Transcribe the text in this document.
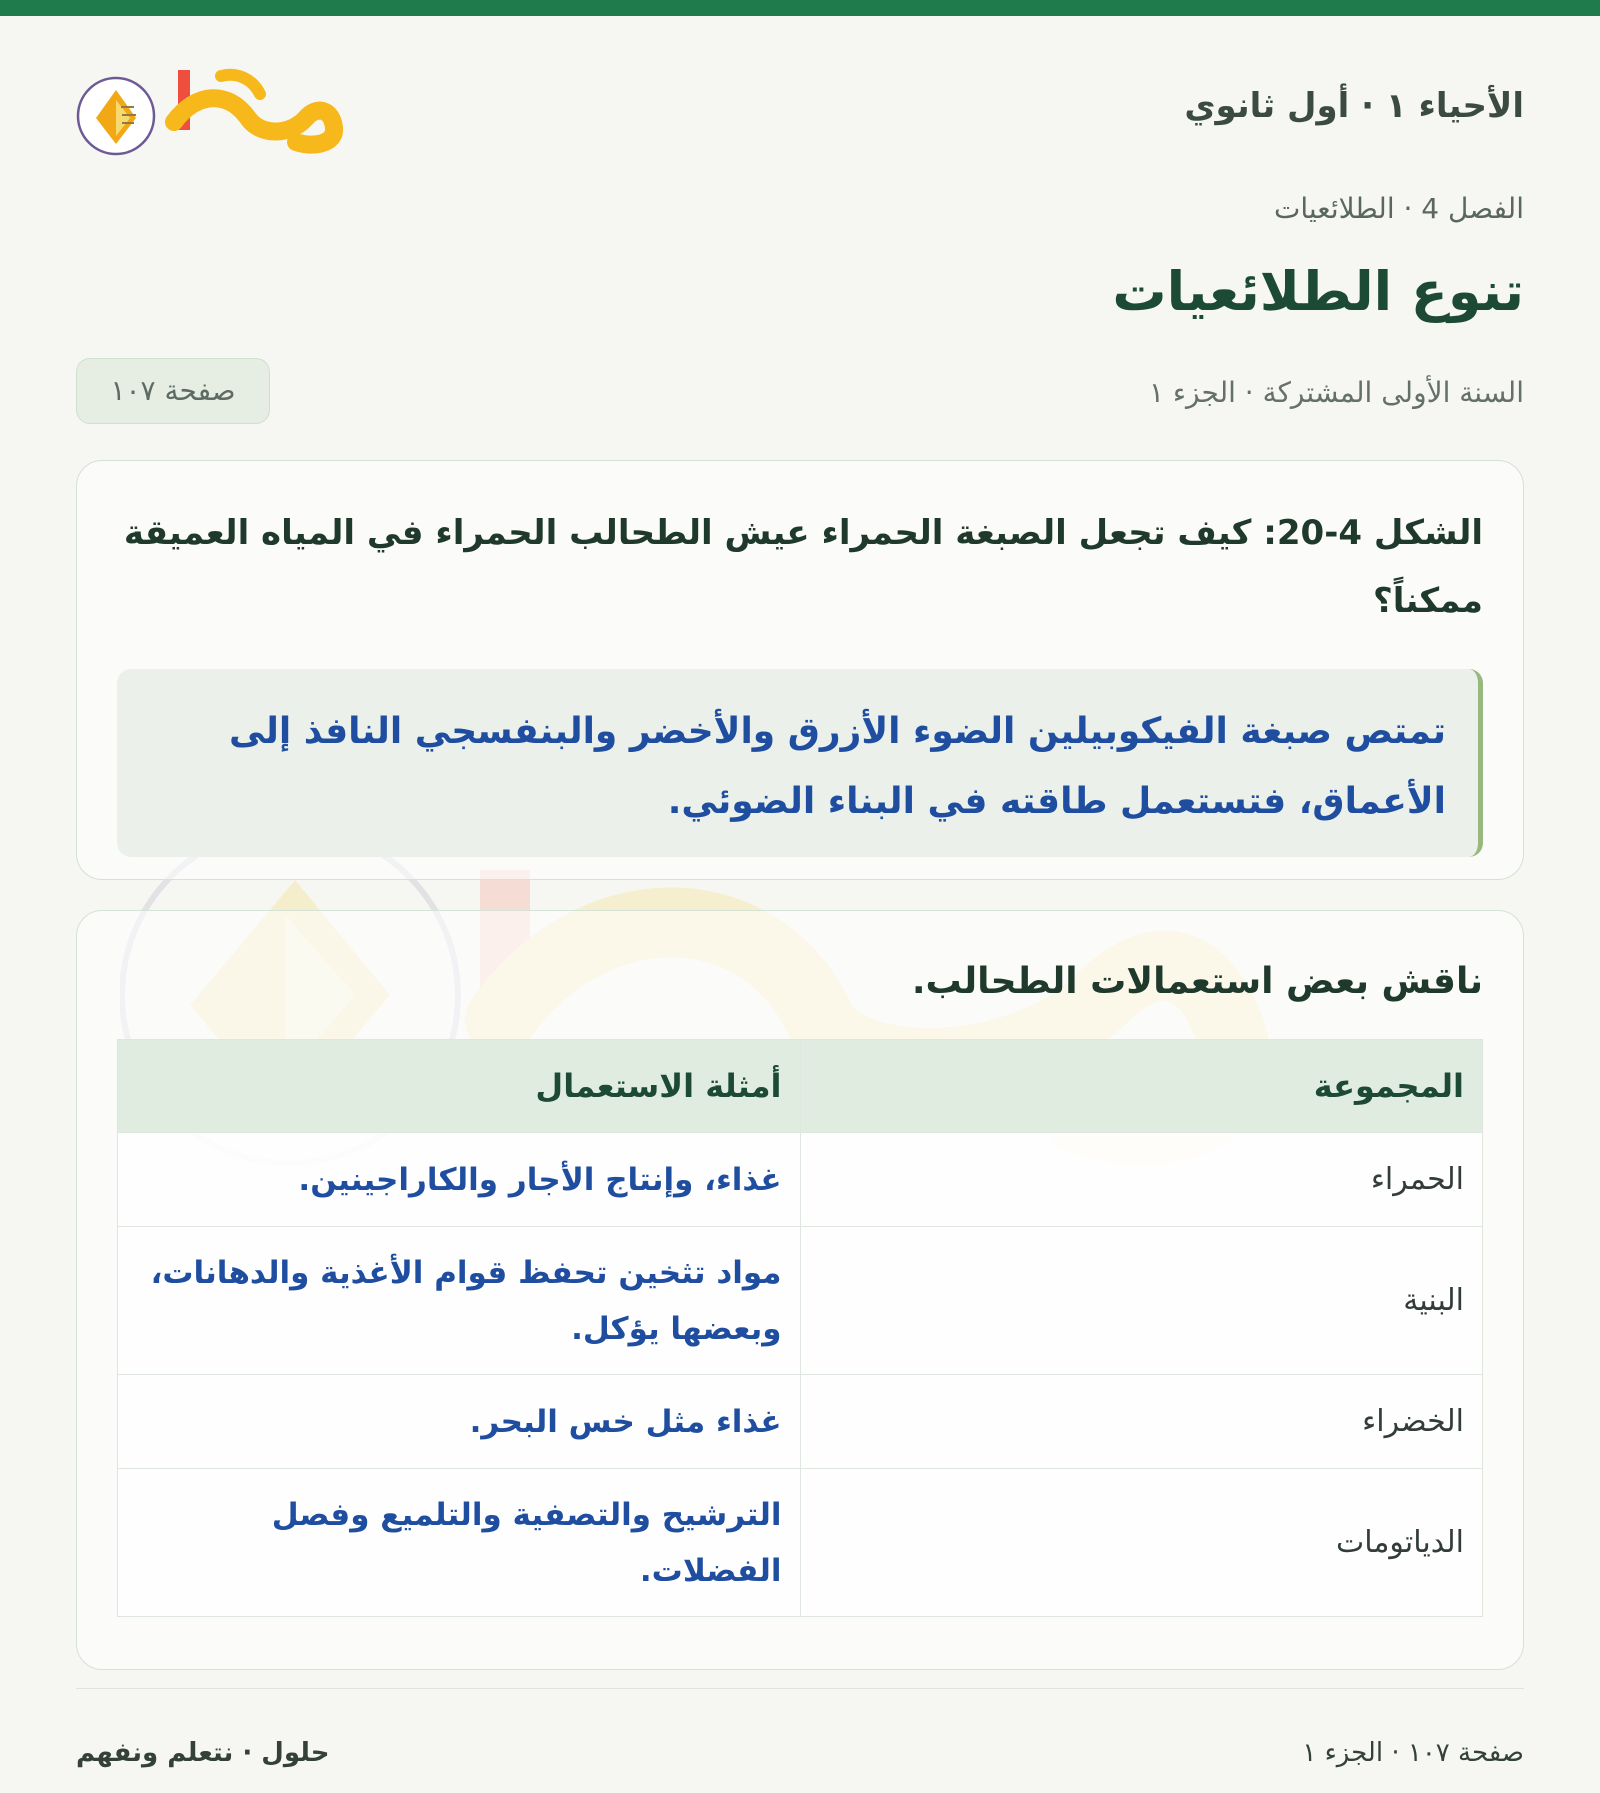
الأحياء ١ · أول ثانوي
الفصل 4 · الطلائعيات
تنوع الطلائعيات
السنة الأولى المشتركة · الجزء ١
صفحة ١٠٧

الشكل 4-20: كيف تجعل الصبغة الحمراء عيش الطحالب الحمراء في المياه العميقة ممكناً؟

تمتص صبغة الفيكوبيلين الضوء الأزرق والأخضر والبنفسجي النافذ إلى الأعماق، فتستعمل طاقته في البناء الضوئي.
ناقش بعض استعمالات الطحالب.
المجموعة	أمثلة الاستعمال
الحمراء	غذاء، وإنتاج الأجار والكاراجينين.
البنية	مواد تثخين تحفظ قوام الأغذية والدهانات، وبعضها يؤكل.
الخضراء	غذاء مثل خس البحر.
الدياتومات	الترشيح والتصفية والتلميع وفصل الفضلات.
صفحة ١٠٧ · الجزء ١
حلول · نتعلم ونفهم
